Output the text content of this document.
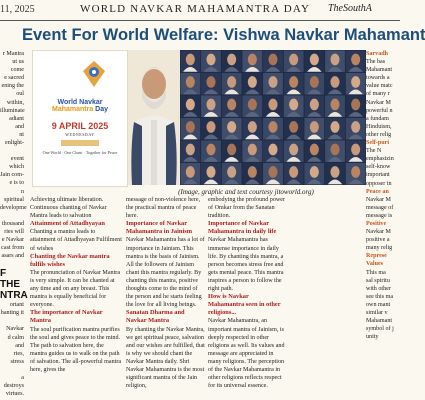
11, 2025	WORLD NAVKAR MAHAMANTRA DAY TheSouthA
Event For World Welfare: Vishwa Navkar Mahamant
r Mantra
ut us come
e sacred
ening the
oul within,
illuminate
adiant and
nt enlight-
event which
Jain com-
e is to
n spiritual
developme
thousand
ries will
e Navkar
cast from
asars and
F THE
NTRA
ortant
hanting it
Navkar
d calm and
ries, stress
a destroys
virtues.
World Navkar Mahamantra Day
9 APRIL 2025
WEDNESDAY
One World · One Chant · Together for Peace
(Image, graphic and text courtesy jitoworld.org)

Achieving ultimate liberation. Continuous chanting of Navkar Mantra leads to salvation

Attainment of Attadhyayan

Chanting a mantra leads to attainment of Attadhyayan Fulfilment of wishes

Chanting the Navkar mantra fulfils wishes

The pronunciation of Navkar Mantra is very simple. It can be chanted at any time and on any breast. This mantra is equally beneficial for everyone.

The importance of Navkar Mantra

The soul purification mantra purifies the soul and gives peace to the mind. The path to salvation here, the mantra guides us to walk on the path of salvation. The all-powerful mantra here, gives the

message of non-violence here, the practical mantra of peace here.

Importance of Navkar Mahamantra in Jainism

Navkar Mahamantra has a lot of importance in Jainism. This mantra is the basis of Jainism. All the followers of Jainism chant this mantra regularly. By chanting this mantra, positive thoughts come to the mind of the person and he starts feeling the love for all living beings.

Sanatan Dharma and Navkar Mantra

By chanting the Navkar Mantra, we get spiritual peace, salvation and our wishes are fulfilled, that is why we should chant the Navkar Mantra daily. Shri Navkar Mahamantra is the most significant mantra of the Jain religion,

embodying the profound power of Omkar from the Sanatan tradition.

Importance of Navkar Mahamantra in daily life

Navkar Mahamantra has immense importance in daily life. By chanting this mantra, a person becomes stress free and gets mental peace. This mantra inspires a person to follow the right path.

How is Navkar Mahamantra seen in other religions...

Navkar Mahamantra, an important mantra of Jainism, is deeply respected in other religions as well. Its values and message are appreciated in many religions. The perception of the Navkar Mahamantra in other religions reflects respect for its universal essence.

Sarvadh
The bas
Mahamant
towards a
value matc
of many r
Navkar M
powerful n
a fundam
Hinduism,
other relig
Self-puri
The N
emphasizin
self-know
important
opposer in
Peace an
Navkar M
message of
message is
Positive
Navkar M
positive a
many relig
Represe
Values
This ma
sal spiritu
with other
see this ma
own mant
similar v
Mahamant
symbol of j
unity
